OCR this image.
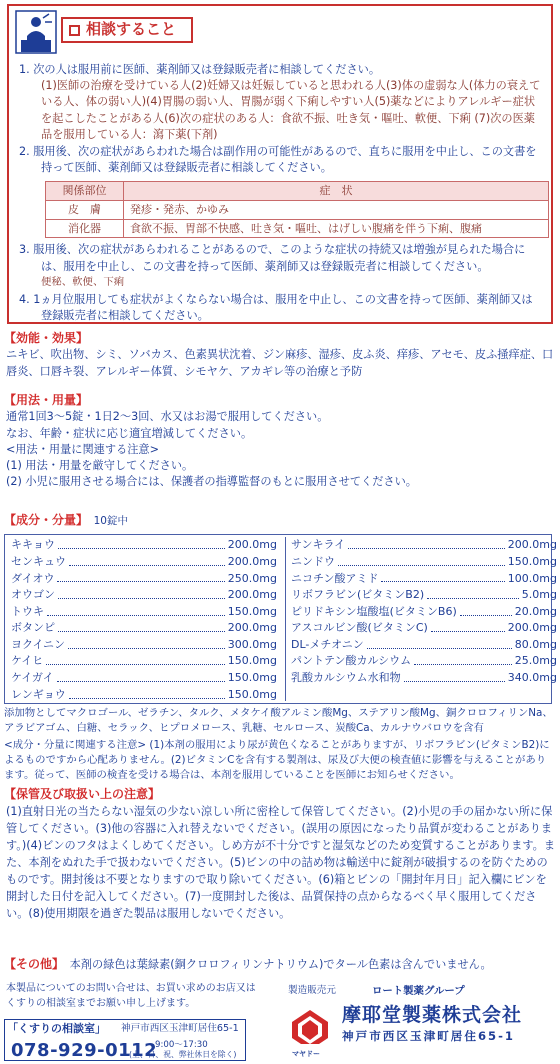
相談すること
1. 次の人は服用前に医師、薬剤師又は登録販売者に相談してください。
(1)医師の治療を受けている人(2)妊婦又は妊娠していると思われる人(3)体の虚弱な人(体力の衰えている人、体の弱い人)(4)胃腸の弱い人、胃腸が弱く下痢しやすい人(5)薬などによりアレルギー症状を起こしたことがある人(6)次の症状のある人：食欲不振、吐き気・嘔吐、軟便、下痢 (7)次の医薬品を服用している人：瀉下薬(下剤)
2. 服用後、次の症状があらわれた場合は副作用の可能性があるので、直ちに服用を中止し、この文書を持って医師、薬剤師又は登録販売者に相談してください。
関係部位	症　状
皮　膚	発疹・発赤、かゆみ
消化器	食欲不振、胃部不快感、吐き気・嘔吐、はげしい腹痛を伴う下痢、腹痛
3. 服用後、次の症状があらわれることがあるので、このような症状の持続又は増強が見られた場合には、服用を中止し、この文書を持って医師、薬剤師又は登録販売者に相談してください。
便秘、軟便、下痢
4. 1ヵ月位服用しても症状がよくならない場合は、服用を中止し、この文書を持って医師、薬剤師又は登録販売者に相談してください。
【効能・効果】
ニキビ、吹出物、シミ、ソバカス、色素異状沈着、ジン麻疹、湿疹、皮ふ炎、痒疹、アセモ、皮ふ掻痒症、口唇炎、口唇キ裂、アレルギー体質、シモヤケ、アカギレ等の治療と予防
【用法・用量】
通常1回3〜5錠・1日2〜3回、水又はお湯で服用してください。
なお、年齢・症状に応じ適宜増減してください。
<用法・用量に関連する注意>
(1) 用法・用量を厳守してください。
(2) 小児に服用させる場合には、保護者の指導監督のもとに服用させてください。
【成分・分量】 10錠中
キキョウ	200.0mg
センキュウ	200.0mg
ダイオウ	250.0mg
オウゴン	200.0mg
トウキ	150.0mg
ボタンピ	200.0mg
ヨクイニン	300.0mg
ケイヒ	150.0mg
ケイガイ	150.0mg
レンギョウ	150.0mg
サンキライ	200.0mg
ニンドウ	150.0mg
ニコチン酸アミド	100.0mg
リボフラビン(ビタミンB2)	5.0mg
ピリドキシン塩酸塩(ビタミンB6)	20.0mg
アスコルビン酸(ビタミンC)	200.0mg
DL-メチオニン	80.0mg
パントテン酸カルシウム	25.0mg
乳酸カルシウム水和物	340.0mg
添加物としてマクロゴール、ゼラチン、タルク、メタケイ酸アルミン酸Mg、ステアリン酸Mg、銅クロロフィリンNa、アラビアゴム、白糖、セラック、ヒプロメロース、乳糖、セルロース、炭酸Ca、カルナウバロウを含有
<成分・分量に関連する注意> (1)本剤の服用により尿が黄色くなることがありますが、リボフラビン(ビタミンB2)によるものですから心配ありません。(2)ビタミンCを含有する製剤は、尿及び大便の検査値に影響を与えることがあります。従って、医師の検査を受ける場合は、本剤を服用していることを医師にお知らせください。
【保管及び取扱い上の注意】
(1)直射日光の当たらない湿気の少ない涼しい所に密栓して保管してください。(2)小児の手の届かない所に保管してください。(3)他の容器に入れ替えないでください。(誤用の原因になったり品質が変わることがあります。)(4)ビンのフタはよくしめてください。しめ方が不十分ですと湿気などのため変質することがあります。また、本剤をぬれた手で扱わないでください。(5)ビンの中の詰め物は輸送中に錠剤が破損するのを防ぐためのものです。開封後は不要となりますので取り除いてください。(6)箱とビンの「開封年月日」記入欄にビンを開封した日付を記入してください。(7)一度開封した後は、品質保持の点からなるべく早く服用してください。(8)使用期限を過ぎた製品は服用しないでください。
【その他】 本剤の緑色は葉緑素(銅クロロフィリンナトリウム)でタール色素は含んでいません。
本製品についてのお問い合せは、お買い求めのお店又は
くすりの相談室までお願い申し上げます。
「くすりの相談室」 神戸市西区玉津町居住65-1
078-929-0112
9:00〜17:30
(土、日、祝、弊社休日を除く)
製造販売元	ロート製薬グループ
マヤドー
摩耶堂製薬株式会社
神戸市西区玉津町居住65-1
